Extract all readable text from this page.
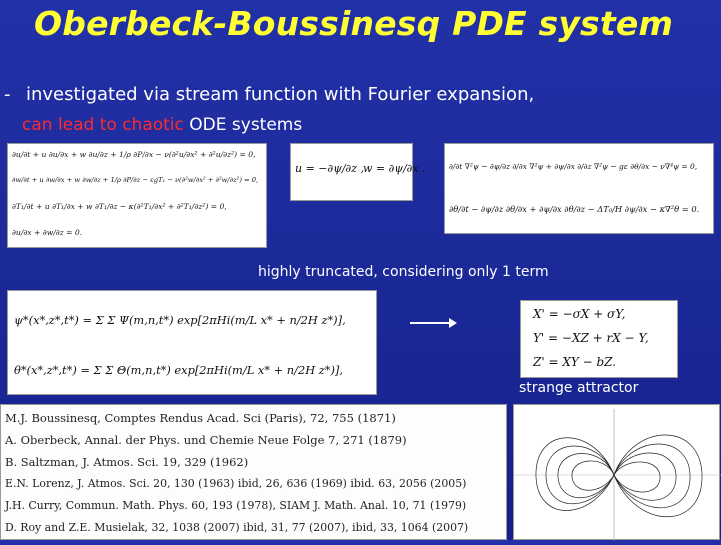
Oberbeck-Boussinesq PDE system
- investigated via stream function with Fourier expansion,
can lead to chaotic ODE systems
∂u/∂t + u ∂u/∂x + w ∂u/∂z + 1/ρ ∂P/∂x − ν(∂²u/∂x² + ∂²u/∂z²) = 0,
∂w/∂t + u ∂w/∂x + w ∂w/∂z + 1/ρ ∂P/∂z − εgT₁ − ν(∂²w/∂x² + ∂²w/∂z²) = 0,
∂T₁/∂t + u ∂T₁/∂x + w ∂T₁/∂z − κ(∂²T₁/∂x² + ∂²T₁/∂z²) = 0,
∂u/∂x + ∂w/∂z = 0.
u = −∂ψ/∂z ,
w = ∂ψ/∂x .	∂/∂t ∇²ψ − ∂ψ/∂z ∂/∂x ∇²ψ + ∂ψ/∂x ∂/∂z ∇²ψ − gε ∂θ/∂x − ν∇⁴ψ = 0,
∂θ/∂t − ∂ψ/∂z ∂θ/∂x + ∂ψ/∂x ∂θ/∂z − ΔT₀/H ∂ψ/∂x − κ∇²θ = 0.
highly truncated, considering only 1 term
ψ*(x*,z*,t*) = Σ Σ Ψ(m,n,t*) exp[2πHi(m/L x* + n/2H z*)],
θ*(x*,z*,t*) = Σ Σ Θ(m,n,t*) exp[2πHi(m/L x* + n/2H z*)],
X' = −σX + σY,
Y' = −XZ + rX − Y,
Z' = XY − bZ.
strange attractor
M.J. Boussinesq, Comptes Rendus Acad. Sci (Paris), 72, 755 (1871)
A. Oberbeck, Annal. der Phys. und Chemie Neue Folge 7, 271 (1879)
B. Saltzman, J. Atmos. Sci. 19, 329 (1962)
E.N. Lorenz, J. Atmos. Sci. 20, 130 (1963) ibid, 26, 636 (1969) ibid. 63, 2056 (2005)
J.H. Curry, Commun. Math. Phys. 60, 193 (1978), SIAM J. Math. Anal. 10, 71 (1979)
D. Roy and Z.E. Musielak, 32, 1038 (2007) ibid, 31, 77 (2007), ibid, 33, 1064 (2007)
